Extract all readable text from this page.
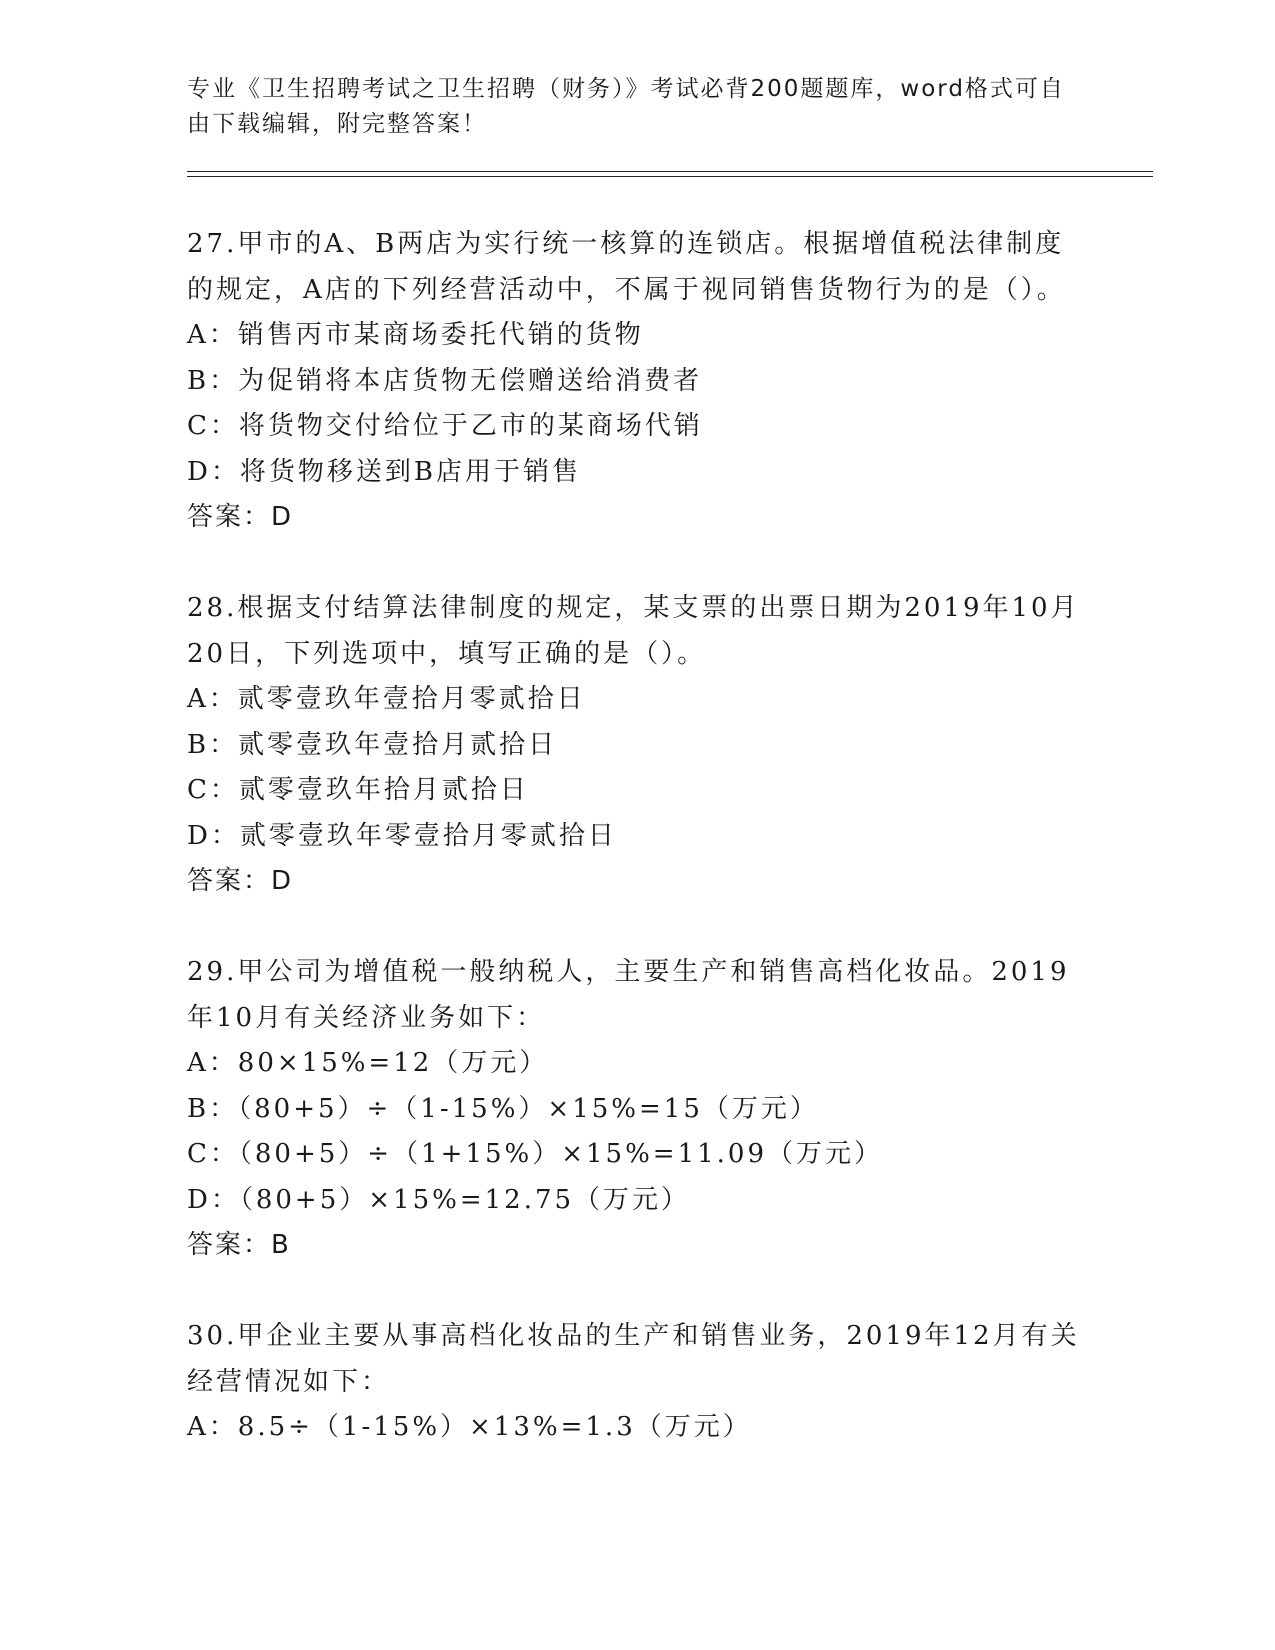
专业《卫生招聘考试之卫生招聘（财务）》考试必背200题题库，word格式可自
由下载编辑，附完整答案！
27.甲市的A、B两店为实行统一核算的连锁店。根据增值税法律制度
的规定，A店的下列经营活动中，不属于视同销售货物行为的是（）。
A：销售丙市某商场委托代销的货物
B：为促销将本店货物无偿赠送给消费者
C：将货物交付给位于乙市的某商场代销
D：将货物移送到B店用于销售
答案：D
28.根据支付结算法律制度的规定，某支票的出票日期为2019年10月
20日，下列选项中，填写正确的是（）。
A：贰零壹玖年壹拾月零贰拾日
B：贰零壹玖年壹拾月贰拾日
C：贰零壹玖年拾月贰拾日
D：贰零壹玖年零壹拾月零贰拾日
答案：D
29.甲公司为增值税一般纳税人，主要生产和销售高档化妆品。2019
年10月有关经济业务如下：
A：80×15%=12（万元）
B：（80+5）÷（1-15%）×15%=15（万元）
C：（80+5）÷（1+15%）×15%=11.09（万元）
D：（80+5）×15%=12.75（万元）
答案：B
30.甲企业主要从事高档化妆品的生产和销售业务，2019年12月有关
经营情况如下：
A：8.5÷（1-15%）×13%=1.3（万元）
